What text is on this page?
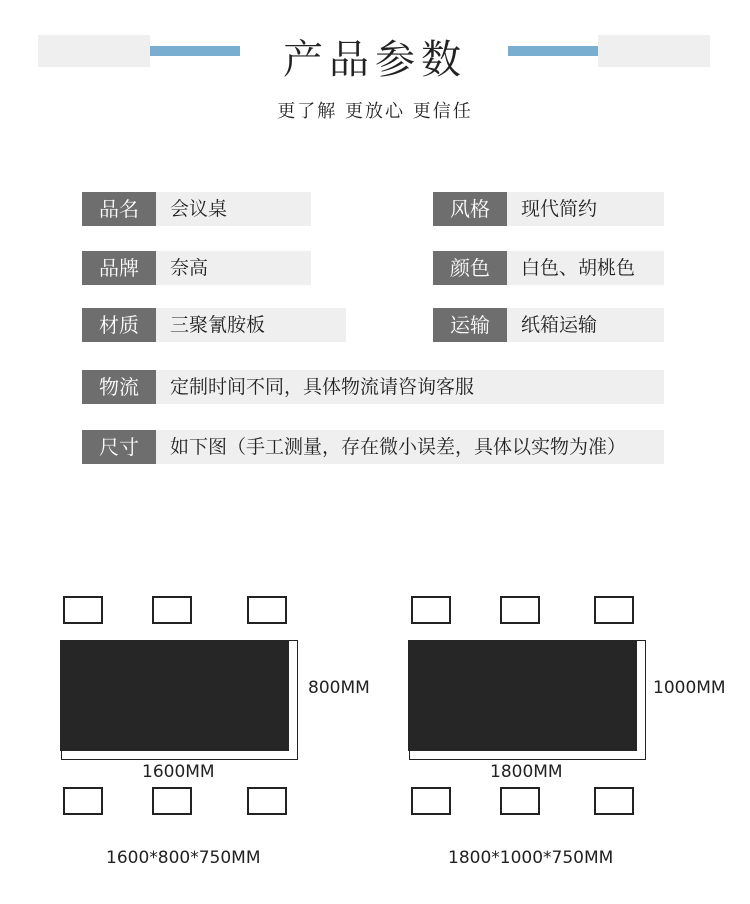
产品参数
更了解 更放心 更信任
品名	会议桌	风格	现代简约
品牌	奈高	颜色	白色、胡桃色
材质	三聚氰胺板	运输	纸箱运输
物流	定制时间不同，具体物流请咨询客服
尺寸	如下图（手工测量，存在微小误差，具体以实物为准）
800MM
1600MM
1600*800*750MM
1000MM
1800MM
1800*1000*750MM
